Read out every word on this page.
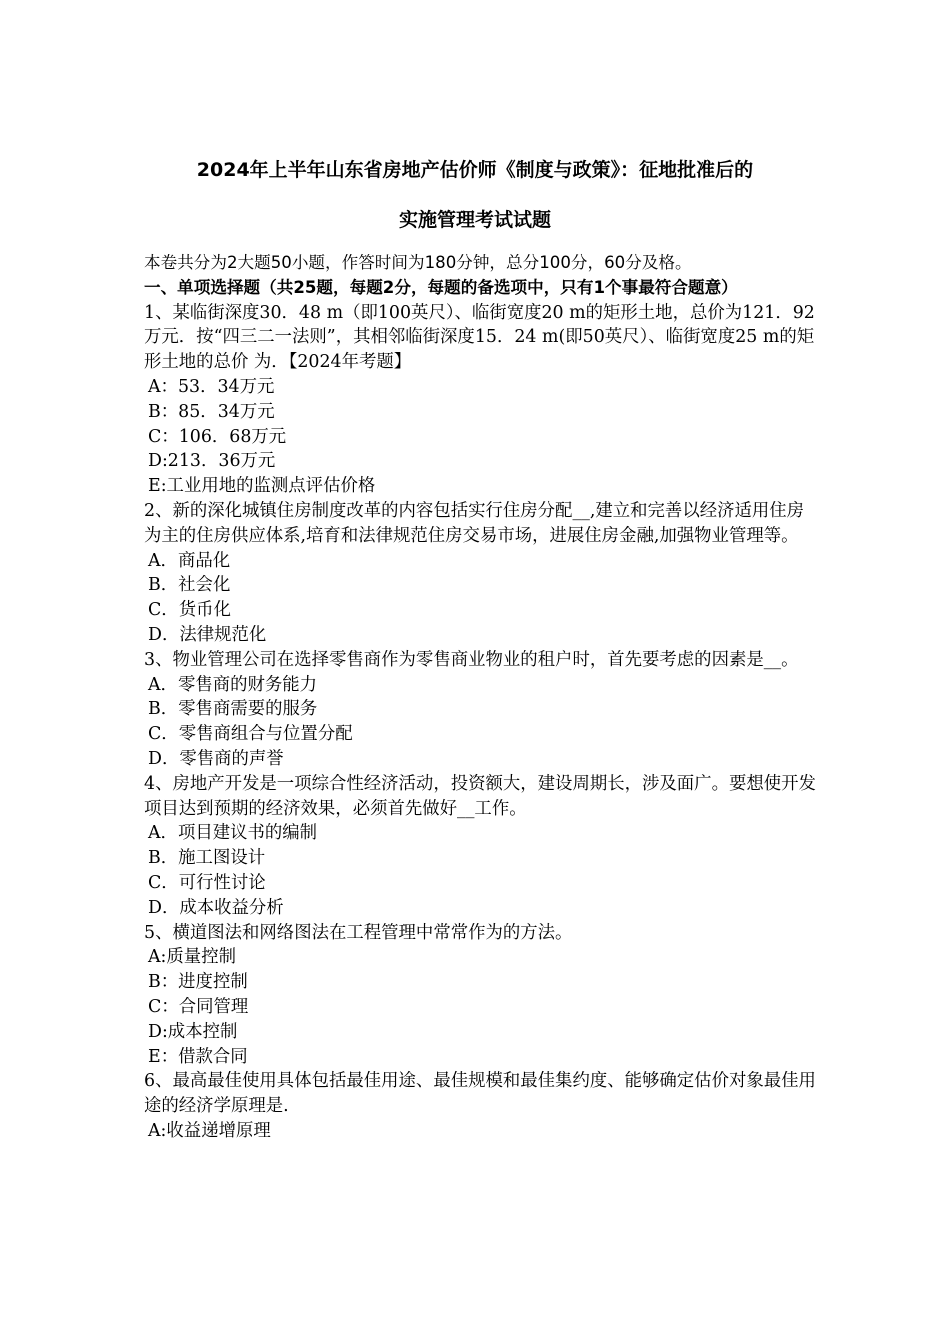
2024年上半年山东省房地产估价师《制度与政策》：征地批准后的
实施管理考试试题

本卷共分为2大题50小题，作答时间为180分钟，总分100分，60分及格。

一、单项选择题（共25题，每题2分，每题的备选项中，只有1个事最符合题意）

1、某临街深度30．48 m（即100英尺）、临街宽度20 m的矩形土地，总价为121．92万元．按“四三二一法则”，其相邻临街深度15．24 m(即50英尺）、临街宽度25 m的矩形土地的总价 为．【2024年考题】

A：53．34万元

B：85．34万元

C：106．68万元

D:213．36万元

E:工业用地的监测点评估价格

2、新的深化城镇住房制度改革的内容包括实行住房分配__,建立和完善以经济适用住房为主的住房供应体系,培育和法律规范住房交易市场，进展住房金融,加强物业管理等。

A．商品化

B．社会化

C．货币化

D．法律规范化

3、物业管理公司在选择零售商作为零售商业物业的租户时，首先要考虑的因素是__。

A．零售商的财务能力

B．零售商需要的服务

C．零售商组合与位置分配

D．零售商的声誉

4、房地产开发是一项综合性经济活动，投资额大，建设周期长，涉及面广。要想使开发项目达到预期的经济效果，必须首先做好__工作。

A．项目建议书的编制

B．施工图设计

C．可行性讨论

D．成本收益分析

5、横道图法和网络图法在工程管理中常常作为的方法。

A:质量控制

B：进度控制

C：合同管理

D:成本控制

E：借款合同

6、最高最佳使用具体包括最佳用途、最佳规模和最佳集约度、能够确定估价对象最佳用途的经济学原理是.

A:收益递增原理
